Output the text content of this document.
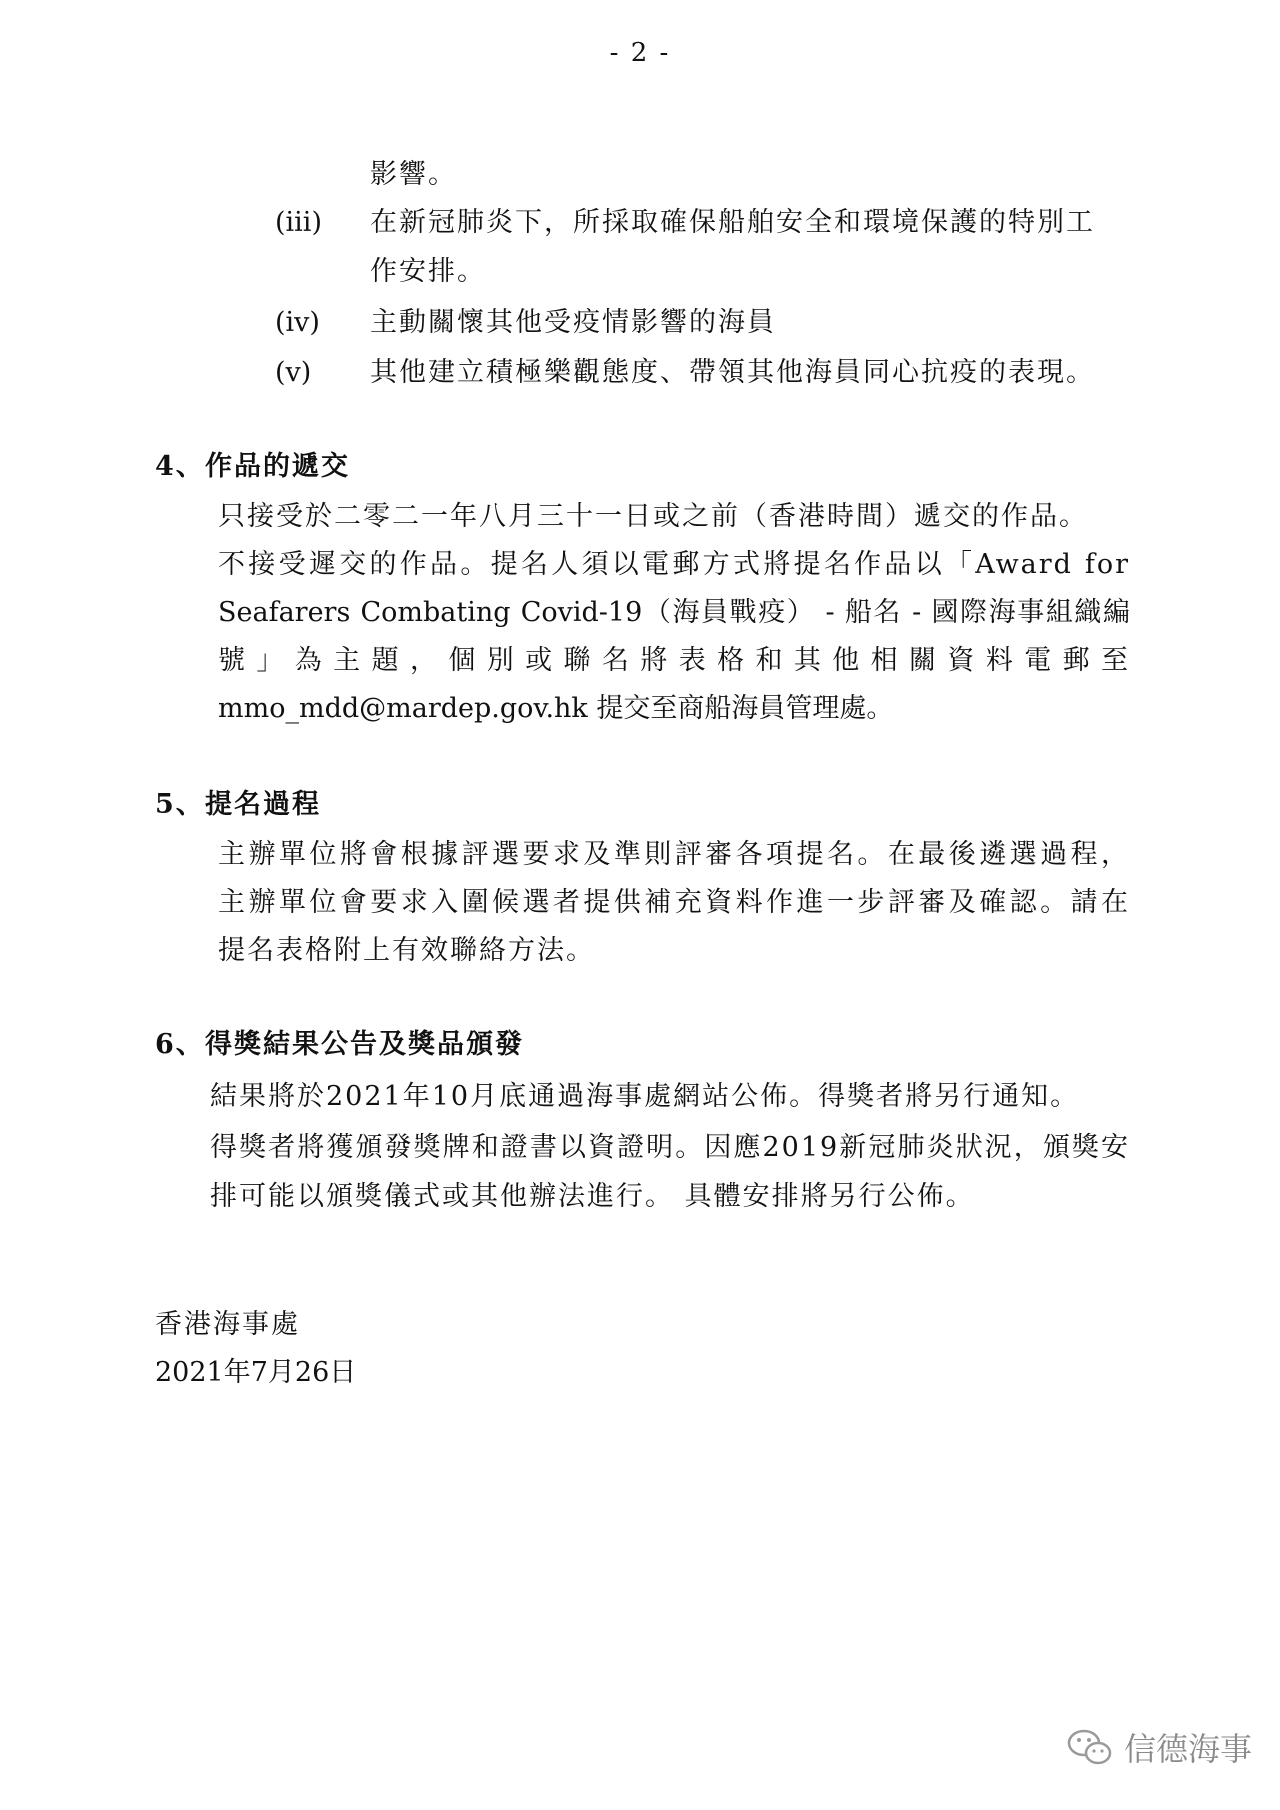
- 2 -
影響。
(iii) 在新冠肺炎下，所採取確保船舶安全和環境保護的特別工
作安排。
(iv) 主動關懷其他受疫情影響的海員
(v) 其他建立積極樂觀態度、帶領其他海員同心抗疫的表現。
4、作品的遞交
只接受於二零二一年八月三十一日或之前（香港時間）遞交的作品。
不接受遲交的作品。提名人須以電郵方式將提名作品以「Award for
Seafarers Combating Covid-19（海員戰疫） - 船名 - 國際海事組織編
號」為主題，個別或聯名將表格和其他相關資料電郵至
mmo_mdd@mardep.gov.hk 提交至商船海員管理處。
5、提名過程
主辦單位將會根據評選要求及準則評審各項提名。在最後遴選過程，
主辦單位會要求入圍候選者提供補充資料作進一步評審及確認。請在
提名表格附上有效聯絡方法。
6、得獎結果公告及獎品頒發
結果將於2021年10月底通過海事處網站公佈。得獎者將另行通知。
得獎者將獲頒發獎牌和證書以資證明。因應2019新冠肺炎狀況，頒獎安
排可能以頒獎儀式或其他辦法進行。 具體安排將另行公佈。
香港海事處
2021年7月26日
信德海事
